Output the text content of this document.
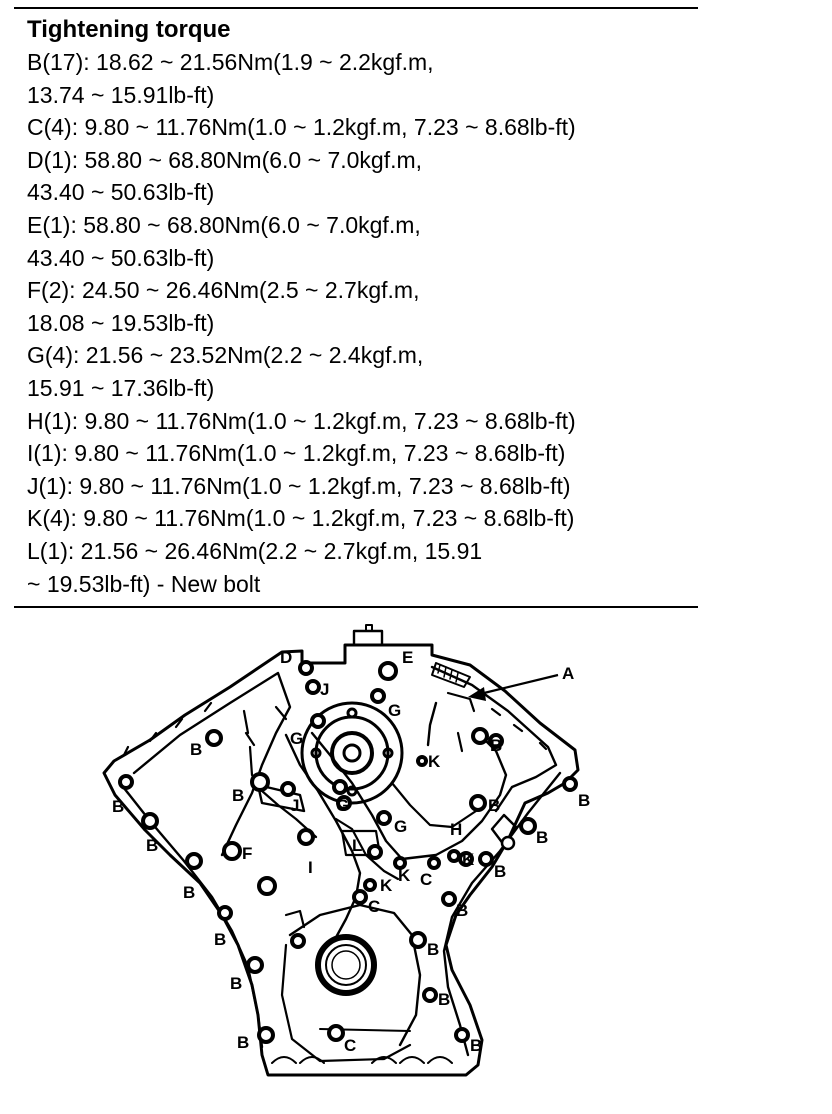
Tightening torque
B(17): 18.62 ~ 21.56Nm(1.9 ~ 2.2kgf.m,
13.74 ~ 15.91lb-ft)
C(4): 9.80 ~ 11.76Nm(1.0 ~ 1.2kgf.m, 7.23 ~ 8.68lb-ft)
D(1): 58.80 ~ 68.80Nm(6.0 ~ 7.0kgf.m,
43.40 ~ 50.63lb-ft)
E(1): 58.80 ~ 68.80Nm(6.0 ~ 7.0kgf.m,
43.40 ~ 50.63lb-ft)
F(2): 24.50 ~ 26.46Nm(2.5 ~ 2.7kgf.m,
18.08 ~ 19.53lb-ft)
G(4): 21.56 ~ 23.52Nm(2.2 ~ 2.4kgf.m,
15.91 ~ 17.36lb-ft)
H(1): 9.80 ~ 11.76Nm(1.0 ~ 1.2kgf.m, 7.23 ~ 8.68lb-ft)
I(1): 9.80 ~ 11.76Nm(1.0 ~ 1.2kgf.m, 7.23 ~ 8.68lb-ft)
J(1): 9.80 ~ 11.76Nm(1.0 ~ 1.2kgf.m, 7.23 ~ 8.68lb-ft)
K(4): 9.80 ~ 11.76Nm(1.0 ~ 1.2kgf.m, 7.23 ~ 8.68lb-ft)
L(1): 21.56 ~ 26.46Nm(2.2 ~ 2.7kgf.m, 15.91
~ 19.53lb-ft) - New bolt
D	E
J
A
G
G
K
B	B
B
J G	B	B
B
G	H	B
B	L
F
I	K
K
C	B
K
B
C	B
B
B
B
B
B	C	B
